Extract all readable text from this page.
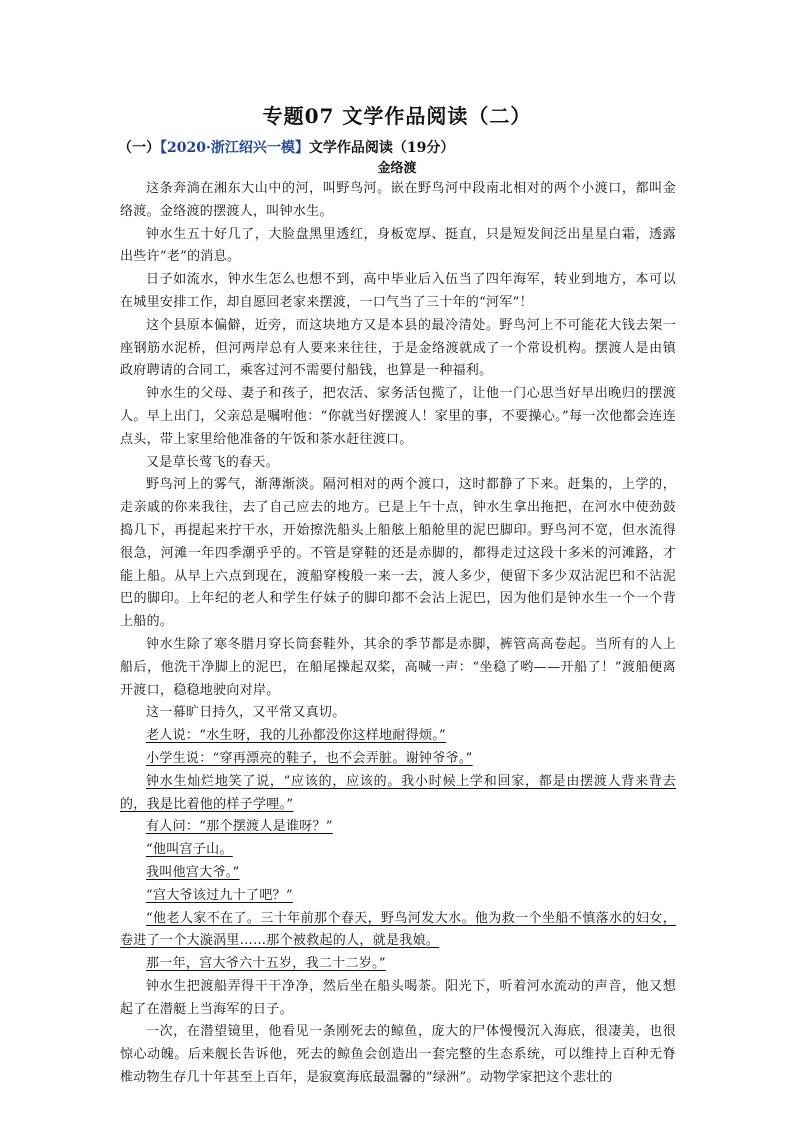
专题07 文学作品阅读（二）
（一）【2020·浙江绍兴一模】文学作品阅读（19分）
金络渡

这条奔淌在湘东大山中的河，叫野鸟河。嵌在野鸟河中段南北相对的两个小渡口，都叫金络渡。金络渡的摆渡人，叫钟水生。

钟水生五十好几了，大脸盘黑里透红，身板宽厚、挺直，只是短发间泛出星星白霜，透露出些许“老”的消息。

日子如流水，钟水生怎么也想不到，高中毕业后入伍当了四年海军，转业到地方，本可以在城里安排工作，却自愿回老家来摆渡，一口气当了三十年的“河军”！

这个县原本偏僻，近旁，而这块地方又是本县的最冷清处。野鸟河上不可能花大钱去架一座钢筋水泥桥，但河两岸总有人要来来往往，于是金络渡就成了一个常设机构。摆渡人是由镇政府聘请的合同工，乘客过河不需要付船钱，也算是一种福利。

钟水生的父母、妻子和孩子，把农活、家务活包揽了，让他一门心思当好早出晚归的摆渡人。早上出门，父亲总是嘱咐他：“你就当好摆渡人！家里的事，不要操心。”每一次他都会连连点头，带上家里给他准备的午饭和茶水赶往渡口。

又是草长莺飞的春天。

野鸟河上的雾气，渐薄渐淡。隔河相对的两个渡口，这时都静了下来。赶集的，上学的，走亲戚的你来我往，去了自己应去的地方。已是上午十点，钟水生拿出拖把，在河水中使劲鼓捣几下，再提起来拧干水，开始擦洗船头上船舷上船舱里的泥巴脚印。野鸟河不宽，但水流得很急，河滩一年四季潮乎乎的。不管是穿鞋的还是赤脚的，都得走过这段十多米的河滩路，才能上船。从早上六点到现在，渡船穿梭般一来一去，渡人多少，便留下多少双沾泥巴和不沾泥巴的脚印。上年纪的老人和学生仔妹子的脚印都不会沾上泥巴，因为他们是钟水生一个一个背上船的。

钟水生除了寒冬腊月穿长筒套鞋外，其余的季节都是赤脚，裤管高高卷起。当所有的人上船后，他洗干净脚上的泥巴，在船尾操起双桨，高喊一声：“坐稳了哟——开船了！”渡船便离开渡口，稳稳地驶向对岸。

这一幕旷日持久，又平常又真切。

老人说：“水生呀，我的儿孙都没你这样地耐得烦。”

小学生说：“穿再漂亮的鞋子，也不会弄脏。谢钟爷爷。”

钟水生灿烂地笑了说，“应该的，应该的。我小时候上学和回家，都是由摆渡人背来背去的，我是比着他的样子学哩。”

有人问：“那个摆渡人是谁呀？”

“他叫宫子山。

我叫他宫大爷。”

“宫大爷该过九十了吧？”

“他老人家不在了。三十年前那个春天，野鸟河发大水。他为救一个坐船不慎落水的妇女，卷进了一个大漩涡里……那个被救起的人，就是我娘。

那一年，宫大爷六十五岁，我二十二岁。”

钟水生把渡船弄得干干净净，然后坐在船头喝茶。阳光下，听着河水流动的声音，他又想起了在潜艇上当海军的日子。

一次，在潜望镜里，他看见一条刚死去的鲸鱼，庞大的尸体慢慢沉入海底，很凄美，也很惊心动魄。后来舰长告诉他，死去的鲸鱼会创造出一套完整的生态系统，可以维持上百种无脊椎动物生存几十年甚至上百年，是寂寞海底最温馨的“绿洲”。动物学家把这个悲壮的
